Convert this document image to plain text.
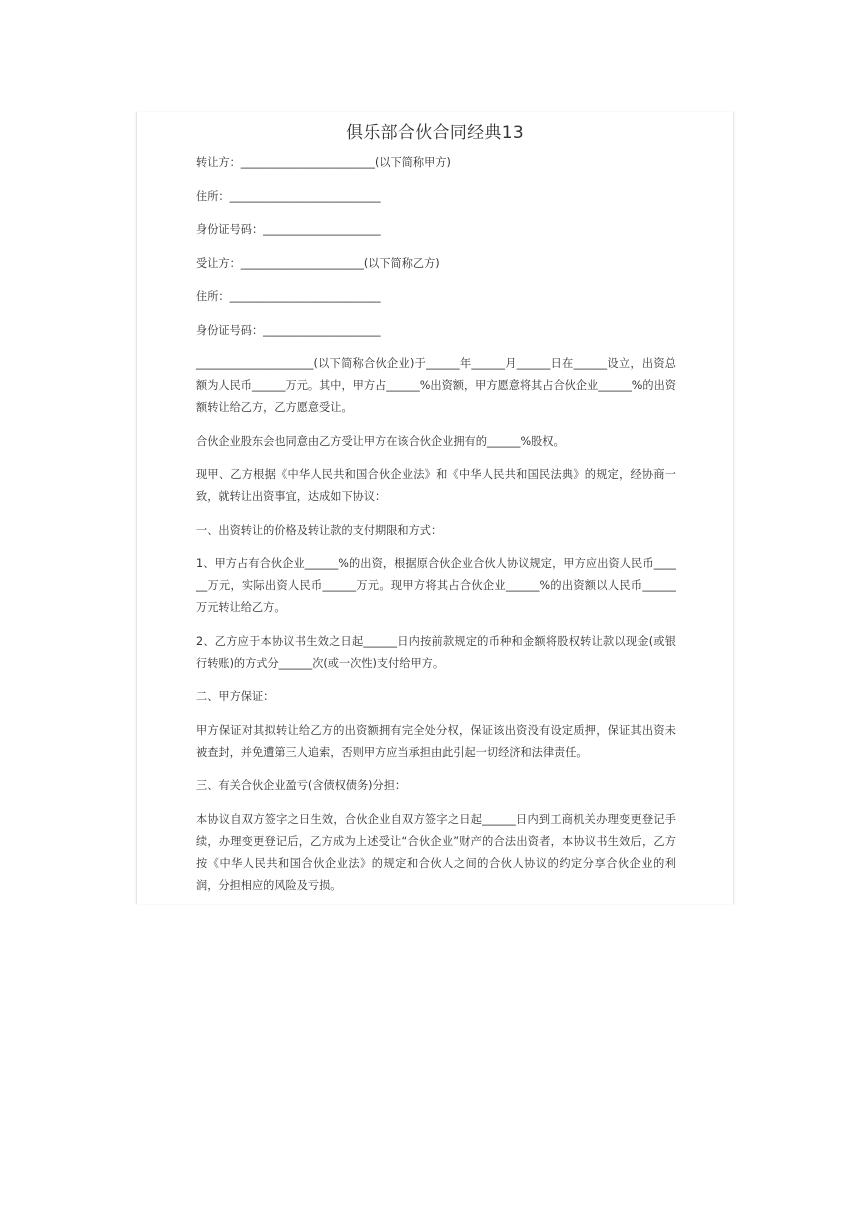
俱乐部合伙合同经典13

转让方：________________________(以下简称甲方)

住所：___________________________

身份证号码：_____________________

受让方：______________________(以下简称乙方)

住所：___________________________

身份证号码：_____________________

_____________________(以下简称合伙企业)于______年______月______日在______设立，出资总额为人民币______万元。其中，甲方占______%出资额，甲方愿意将其占合伙企业______%的出资额转让给乙方，乙方愿意受让。

合伙企业股东会也同意由乙方受让甲方在该合伙企业拥有的______%股权。

现甲、乙方根据《中华人民共和国合伙企业法》和《中华人民共和国民法典》的规定，经协商一致，就转让出资事宜，达成如下协议：

一、出资转让的价格及转让款的支付期限和方式：

1、甲方占有合伙企业______%的出资，根据原合伙企业合伙人协议规定，甲方应出资人民币______万元，实际出资人民币______万元。现甲方将其占合伙企业______%的出资额以人民币______万元转让给乙方。

2、乙方应于本协议书生效之日起______日内按前款规定的币种和金额将股权转让款以现金(或银行转账)的方式分______次(或一次性)支付给甲方。

二、甲方保证：

甲方保证对其拟转让给乙方的出资额拥有完全处分权，保证该出资没有设定质押，保证其出资未被查封，并免遭第三人追索，否则甲方应当承担由此引起一切经济和法律责任。

三、有关合伙企业盈亏(含债权债务)分担：

本协议自双方签字之日生效，合伙企业自双方签字之日起______日内到工商机关办理变更登记手续，办理变更登记后，乙方成为上述受让“合伙企业”财产的合法出资者，本协议书生效后，乙方按《中华人民共和国合伙企业法》的规定和合伙人之间的合伙人协议的约定分享合伙企业的利润，分担相应的风险及亏损。
